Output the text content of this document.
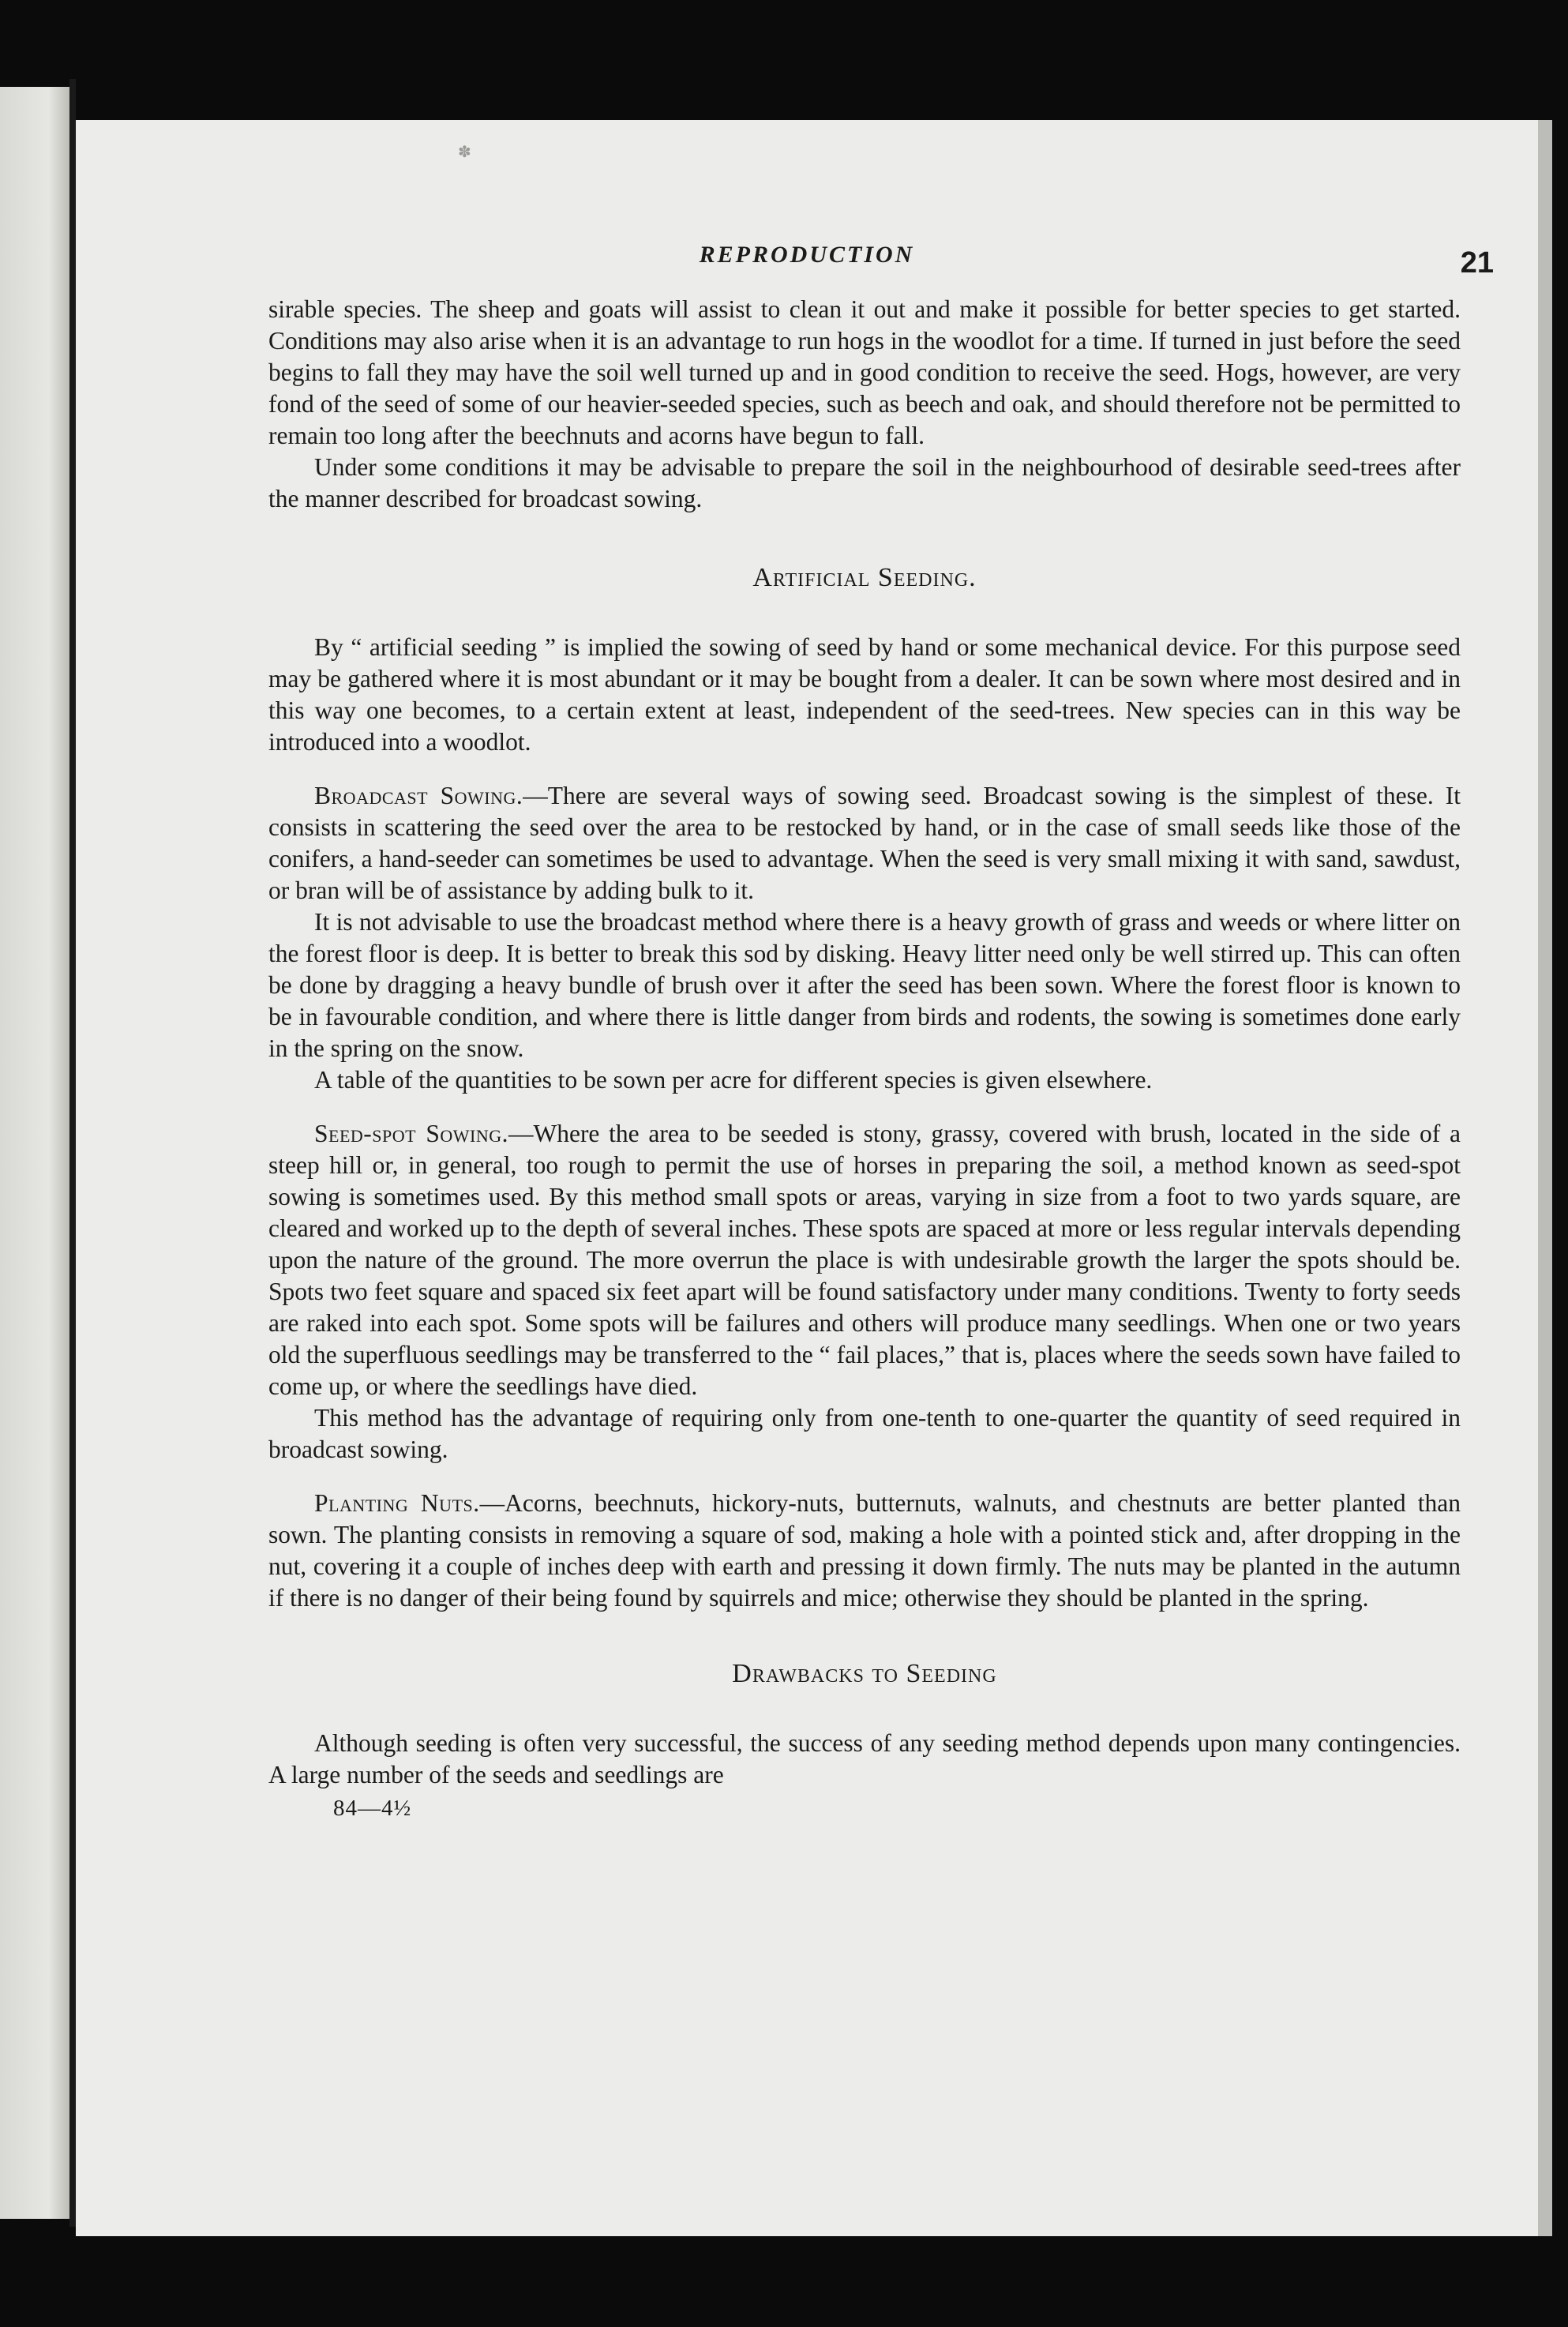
✽
REPRODUCTION	21

sirable species. The sheep and goats will assist to clean it out and make it possible for better species to get started. Conditions may also arise when it is an advantage to run hogs in the woodlot for a time. If turned in just before the seed begins to fall they may have the soil well turned up and in good condition to receive the seed. Hogs, however, are very fond of the seed of some of our heavier-seeded species, such as beech and oak, and should therefore not be permitted to remain too long after the beechnuts and acorns have begun to fall.

Under some conditions it may be advisable to prepare the soil in the neighbourhood of desirable seed-trees after the manner described for broadcast sowing.

Artificial Seeding.

By “ artificial seeding ” is implied the sowing of seed by hand or some mechanical device. For this purpose seed may be gathered where it is most abundant or it may be bought from a dealer. It can be sown where most desired and in this way one becomes, to a certain extent at least, independent of the seed-trees. New species can in this way be introduced into a woodlot.

Broadcast Sowing.—There are several ways of sowing seed. Broadcast sowing is the simplest of these. It consists in scattering the seed over the area to be restocked by hand, or in the case of small seeds like those of the conifers, a hand-seeder can sometimes be used to advantage. When the seed is very small mixing it with sand, sawdust, or bran will be of assistance by adding bulk to it.

It is not advisable to use the broadcast method where there is a heavy growth of grass and weeds or where litter on the forest floor is deep. It is better to break this sod by disking. Heavy litter need only be well stirred up. This can often be done by dragging a heavy bundle of brush over it after the seed has been sown. Where the forest floor is known to be in favourable condition, and where there is little danger from birds and rodents, the sowing is sometimes done early in the spring on the snow.

A table of the quantities to be sown per acre for different species is given elsewhere.

Seed-spot Sowing.—Where the area to be seeded is stony, grassy, covered with brush, located in the side of a steep hill or, in general, too rough to permit the use of horses in preparing the soil, a method known as seed-spot sowing is sometimes used. By this method small spots or areas, varying in size from a foot to two yards square, are cleared and worked up to the depth of several inches. These spots are spaced at more or less regular intervals depending upon the nature of the ground. The more overrun the place is with undesirable growth the larger the spots should be. Spots two feet square and spaced six feet apart will be found satisfactory under many conditions. Twenty to forty seeds are raked into each spot. Some spots will be failures and others will produce many seedlings. When one or two years old the superfluous seedlings may be transferred to the “ fail places,” that is, places where the seeds sown have failed to come up, or where the seedlings have died.

This method has the advantage of requiring only from one-tenth to one-quarter the quantity of seed required in broadcast sowing.

Planting Nuts.—Acorns, beechnuts, hickory-nuts, butternuts, walnuts, and chestnuts are better planted than sown. The planting consists in removing a square of sod, making a hole with a pointed stick and, after dropping in the nut, covering it a couple of inches deep with earth and pressing it down firmly. The nuts may be planted in the autumn if there is no danger of their being found by squirrels and mice; otherwise they should be planted in the spring.

Drawbacks to Seeding

Although seeding is often very successful, the success of any seeding method depends upon many contingencies. A large number of the seeds and seedlings are

84—4½
